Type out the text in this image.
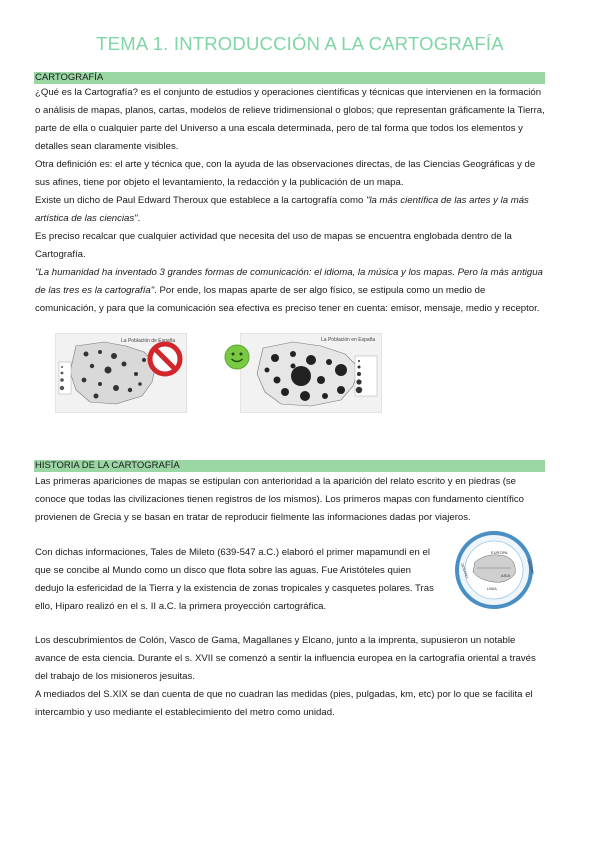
TEMA 1. INTRODUCCIÓN A LA CARTOGRAFÍA
CARTOGRAFÍA

¿Qué es la Cartografía? es el conjunto de estudios y operaciones científicas y técnicas que intervienen en la formación o análisis de mapas, planos, cartas, modelos de relieve tridimensional o globos; que representan gráficamente la Tierra, parte de ella o cualquier parte del Universo a una escala determinada, pero de tal forma que todos los elementos y detalles sean claramente visibles.

Otra definición es: el arte y técnica que, con la ayuda de las observaciones directas, de las Ciencias Geográficas y de sus afines, tiene por objeto el levantamiento, la redacción y la publicación de un mapa.

Existe un dicho de Paul Edward Theroux que establece a la cartografía como "la más científica de las artes y la más artística de las ciencias".

Es preciso recalcar que cualquier actividad que necesita del uso de mapas se encuentra englobada dentro de la Cartografía.

"La humanidad ha inventado 3 grandes formas de comunicación: el idioma, la música y los mapas. Pero la más antigua de las tres es la cartografía". Por ende, los mapas aparte de ser algo físico, se estipula como un medio de comunicación, y para que la comunicación sea efectiva es preciso tener en cuenta: emisor, mensaje, medio y receptor.

La Población de España	La Población en España
HISTORIA DE LA CARTOGRAFÍA

Las primeras apariciones de mapas se estipulan con anterioridad a la aparición del relato escrito y en piedras (se conoce que todas las civilizaciones tienen registros de los mismos). Los primeros mapas con fundamento científico provienen de Grecia y se basan en tratar de reproducir fielmente las informaciones dadas por viajeros.

Con dichas informaciones, Tales de Mileto (639-547 a.C.) elaboró el primer mapamundi en el que se concibe al Mundo como un disco que flota sobre las aguas. Fue Aristóteles quien dedujo la esfericidad de la Tierra y la existencia de zonas tropicales y casquetes polares. Tras ello, Hiparo realizó en el s. II a.C. la primera proyección cartográfica.

EUROPA
ASIA
LIBIA
OCEANO	OCEANO

Los descubrimientos de Colón, Vasco de Gama, Magallanes y Elcano, junto a la imprenta, supusieron un notable avance de esta ciencia. Durante el s. XVII se comenzó a sentir la influencia europea en la cartografía oriental a través del trabajo de los misioneros jesuitas.

A mediados del S.XIX se dan cuenta de que no cuadran las medidas (pies, pulgadas, km, etc) por lo que se facilita el intercambio y uso mediante el establecimiento del metro como unidad.
